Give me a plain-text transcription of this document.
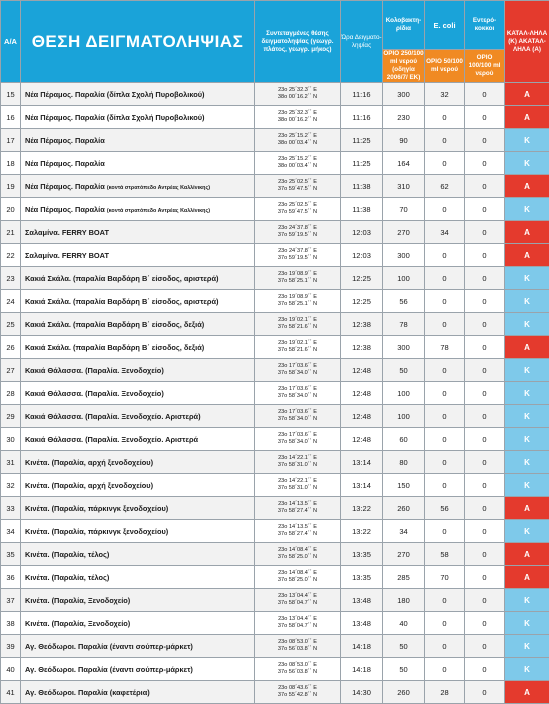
Α/Α	ΘΕΣΗ ΔΕΙΓΜΑΤΟΛΗΨΙΑΣ	Συντεταγμένες θέσης δειγματοληψίας (γεωγρ. πλάτος, γεωγρ. μήκος)	Ώρα Δειγματο-ληψίας	Κολοβακτη-ρίδια	E. coli	Εντερό-κοκκοι	ΚΑΤΑΛ-ΛΗΛΑ (Κ) ΑΚΑΤΑΛ-ΛΗΛΑ (Α)
				ΟΡΙΟ 250/100 ml νερού (οδηγία 2006/7/ ΕΚ)	ΟΡΙΟ 50/100 ml νερού	ΟΡΙΟ 100/100 ml νερού	
15	Νέα Πέραμος. Παραλία (δίπλα Σχολή Πυροβολικού)	23ο 25΄32.3΄΄ Ε
38ο 00΄16.2΄΄ Ν	11:16	300	32	0	Α
16	Νέα Πέραμος. Παραλία (δίπλα Σχολή Πυροβολικού)	23ο 25΄32.3΄΄ Ε
38ο 00΄16.2΄΄ Ν	11:16	230	0	0	Α
17	Νέα Πέραμος. Παραλία	23ο 25΄15.2΄΄ Ε
38ο 00΄03.4΄΄ Ν	11:25	90	0	0	Κ
18	Νέα Πέραμος. Παραλία	23ο 25΄15.2΄΄ Ε
38ο 00΄03.4΄΄ Ν	11:25	164	0	0	Κ
19	Νέα Πέραμος. Παραλία (κοντά στρατόπεδο Αντρέας Καλλίνικης)	23ο 25΄02.5΄΄ Ε
37ο 59΄47.5΄΄ Ν	11:38	310	62	0	Α
20	Νέα Πέραμος. Παραλία (κοντά στρατόπεδο Αντρέας Καλλίνικης)	23ο 25΄02.5΄΄ Ε
37ο 59΄47.5΄΄ Ν	11:38	70	0	0	Κ
21	Σαλαμίνα. FERRY BOAT	23ο 24΄37.8΄΄ Ε
37ο 59΄19.5΄΄ Ν	12:03	270	34	0	Α
22	Σαλαμίνα. FERRY BOAT	23ο 24΄37.8΄΄ Ε
37ο 59΄19.5΄΄ Ν	12:03	300	0	0	Α
23	Κακιά Σκάλα. (παραλία Βαρδάρη Β΄ είσοδος, αριστερά)	23ο 19΄08.9΄΄ Ε
37ο 58΄25.1΄΄ Ν	12:25	100	0	0	Κ
24	Κακιά Σκάλα. (παραλία Βαρδάρη Β΄ είσοδος, αριστερά)	23ο 19΄08.9΄΄ Ε
37ο 58΄25.1΄΄ Ν	12:25	56	0	0	Κ
25	Κακιά Σκάλα. (παραλία Βαρδάρη Β΄ είσοδος, δεξιά)	23ο 19΄02.1΄΄ Ε
37ο 58΄21.6΄΄ Ν	12:38	78	0	0	Κ
26	Κακιά Σκάλα. (παραλία Βαρδάρη Β΄ είσοδος, δεξιά)	23ο 19΄02.1΄΄ Ε
37ο 58΄21.6΄΄ Ν	12:38	300	78	0	Α
27	Κακιά Θάλασσα. (Παραλία. Ξενοδοχείο)	23ο 17΄03.6΄΄ Ε
37ο 58΄34.0΄΄ Ν	12:48	50	0	0	Κ
28	Κακιά Θάλασσα. (Παραλία. Ξενοδοχείο)	23ο 17΄03.6΄΄ Ε
37ο 58΄34.0΄΄ Ν	12:48	100	0	0	Κ
29	Κακιά Θάλασσα. (Παραλία. Ξενοδοχείο. Αριστερά)	23ο 17΄03.6΄΄ Ε
37ο 58΄34.0΄΄ Ν	12:48	100	0	0	Κ
30	Κακιά Θάλασσα. (Παραλία. Ξενοδοχείο. Αριστερά	23ο 17΄03.6΄΄ Ε
37ο 58΄34.0΄΄ Ν	12:48	60	0	0	Κ
31	Κινέτα. (Παραλία, αρχή ξενοδοχείου)	23ο 14΄22.1΄΄ Ε
37ο 58΄31.0΄΄ Ν	13:14	80	0	0	Κ
32	Κινέτα. (Παραλία, αρχή ξενοδοχείου)	23ο 14΄22.1΄΄ Ε
37ο 58΄31.0΄΄ Ν	13:14	150	0	0	Κ
33	Κινέτα. (Παραλία, πάρκινγκ ξενοδοχείου)	23ο 14΄13.5΄΄ Ε
37ο 58΄27.4΄΄ Ν	13:22	260	56	0	Α
34	Κινέτα. (Παραλία, πάρκινγκ ξενοδοχείου)	23ο 14΄13.5΄΄ Ε
37ο 58΄27.4΄΄ Ν	13:22	34	0	0	Κ
35	Κινέτα. (Παραλία, τέλος)	23ο 14΄08.4΄΄ Ε
37ο 58΄25.0΄΄ Ν	13:35	270	58	0	Α
36	Κινέτα. (Παραλία, τέλος)	23ο 14΄08.4΄΄ Ε
37ο 58΄25.0΄΄ Ν	13:35	285	70	0	Α
37	Κινέτα. (Παραλία, Ξενοδοχείο)	23ο 13΄04.4΄΄ Ε
37ο 58΄04.7΄΄ Ν	13:48	180	0	0	Κ
38	Κινέτα. (Παραλία, Ξενοδοχείο)	23ο 13΄04.4΄΄ Ε
37ο 58΄04.7΄΄ Ν	13:48	40	0	0	Κ
39	Αγ. Θεόδωροι. Παραλία (έναντι σούπερ-μάρκετ)	23ο 08΄53.0΄΄ Ε
37ο 56΄03.8΄΄ Ν	14:18	50	0	0	Κ
40	Αγ. Θεόδωροι. Παραλία (έναντι σούπερ-μάρκετ)	23ο 08΄53.0΄΄ Ε
37ο 56΄03.8΄΄ Ν	14:18	50	0	0	Κ
41	Αγ. Θεόδωροι. Παραλία (καφετέρια)	23ο 08΄43.6΄΄ Ε
37ο 55΄42.8΄΄ Ν	14:30	260	28	0	Α
